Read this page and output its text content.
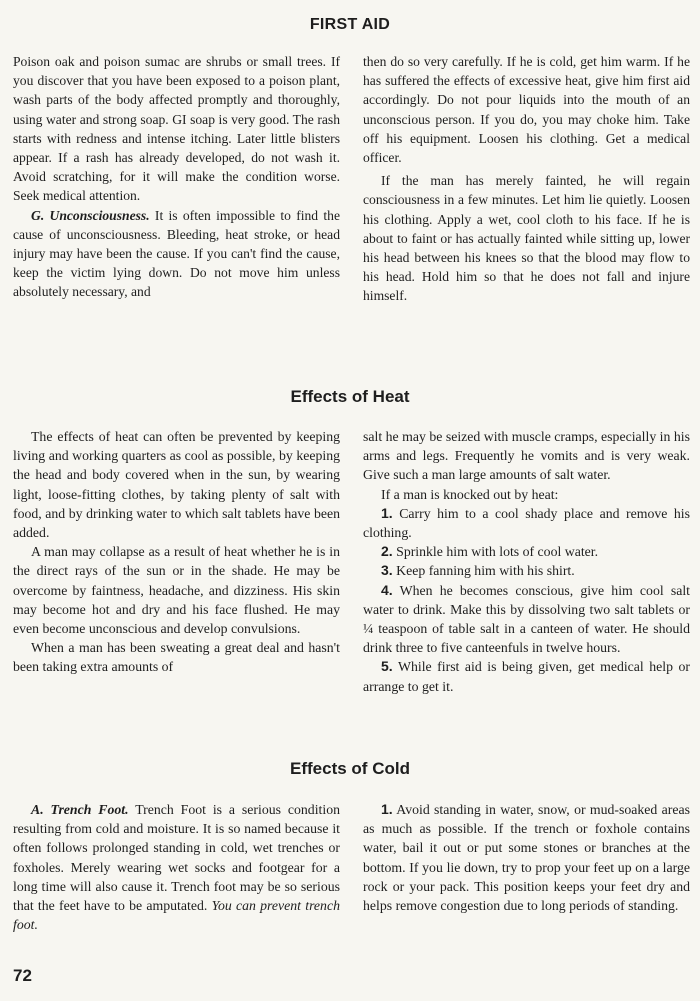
FIRST AID

Poison oak and poison sumac are shrubs or small trees. If you discover that you have been exposed to a poison plant, wash parts of the body affected promptly and thoroughly, using water and strong soap. GI soap is very good. The rash starts with redness and intense itching. Later little blisters appear. If a rash has already developed, do not wash it. Avoid scratching, for it will make the condition worse. Seek medical attention.

G. Unconsciousness. It is often impossible to find the cause of unconsciousness. Bleeding, heat stroke, or head injury may have been the cause. If you can't find the cause, keep the victim lying down. Do not move him unless absolutely necessary, and

then do so very carefully. If he is cold, get him warm. If he has suffered the effects of excessive heat, give him first aid accordingly. Do not pour liquids into the mouth of an unconscious person. If you do, you may choke him. Take off his equipment. Loosen his clothing. Get a medical officer.

If the man has merely fainted, he will regain consciousness in a few minutes. Let him lie quietly. Loosen his clothing. Apply a wet, cool cloth to his face. If he is about to faint or has actually fainted while sitting up, lower his head between his knees so that the blood may flow to his head. Hold him so that he does not fall and injure himself.

Effects of Heat

The effects of heat can often be prevented by keeping living and working quarters as cool as possible, by keeping the head and body covered when in the sun, by wearing light, loose-fitting clothes, by taking plenty of salt with food, and by drinking water to which salt tablets have been added.

A man may collapse as a result of heat whether he is in the direct rays of the sun or in the shade. He may be overcome by faintness, headache, and dizziness. His skin may become hot and dry and his face flushed. He may even become unconscious and develop convulsions.

When a man has been sweating a great deal and hasn't been taking extra amounts of

salt he may be seized with muscle cramps, especially in his arms and legs. Frequently he vomits and is very weak. Give such a man large amounts of salt water.

If a man is knocked out by heat:

1. Carry him to a cool shady place and remove his clothing.

2. Sprinkle him with lots of cool water.

3. Keep fanning him with his shirt.

4. When he becomes conscious, give him cool salt water to drink. Make this by dissolving two salt tablets or ¼ teaspoon of table salt in a canteen of water. He should drink three to five canteenfuls in twelve hours.

5. While first aid is being given, get medical help or arrange to get it.

Effects of Cold

A. Trench Foot. Trench Foot is a serious condition resulting from cold and moisture. It is so named because it often follows prolonged standing in cold, wet trenches or foxholes. Merely wearing wet socks and footgear for a long time will also cause it. Trench foot may be so serious that the feet have to be amputated. You can prevent trench foot.

1. Avoid standing in water, snow, or mud-soaked areas as much as possible. If the trench or foxhole contains water, bail it out or put some stones or branches at the bottom. If you lie down, try to prop your feet up on a large rock or your pack. This position keeps your feet dry and helps remove congestion due to long periods of standing.

72
